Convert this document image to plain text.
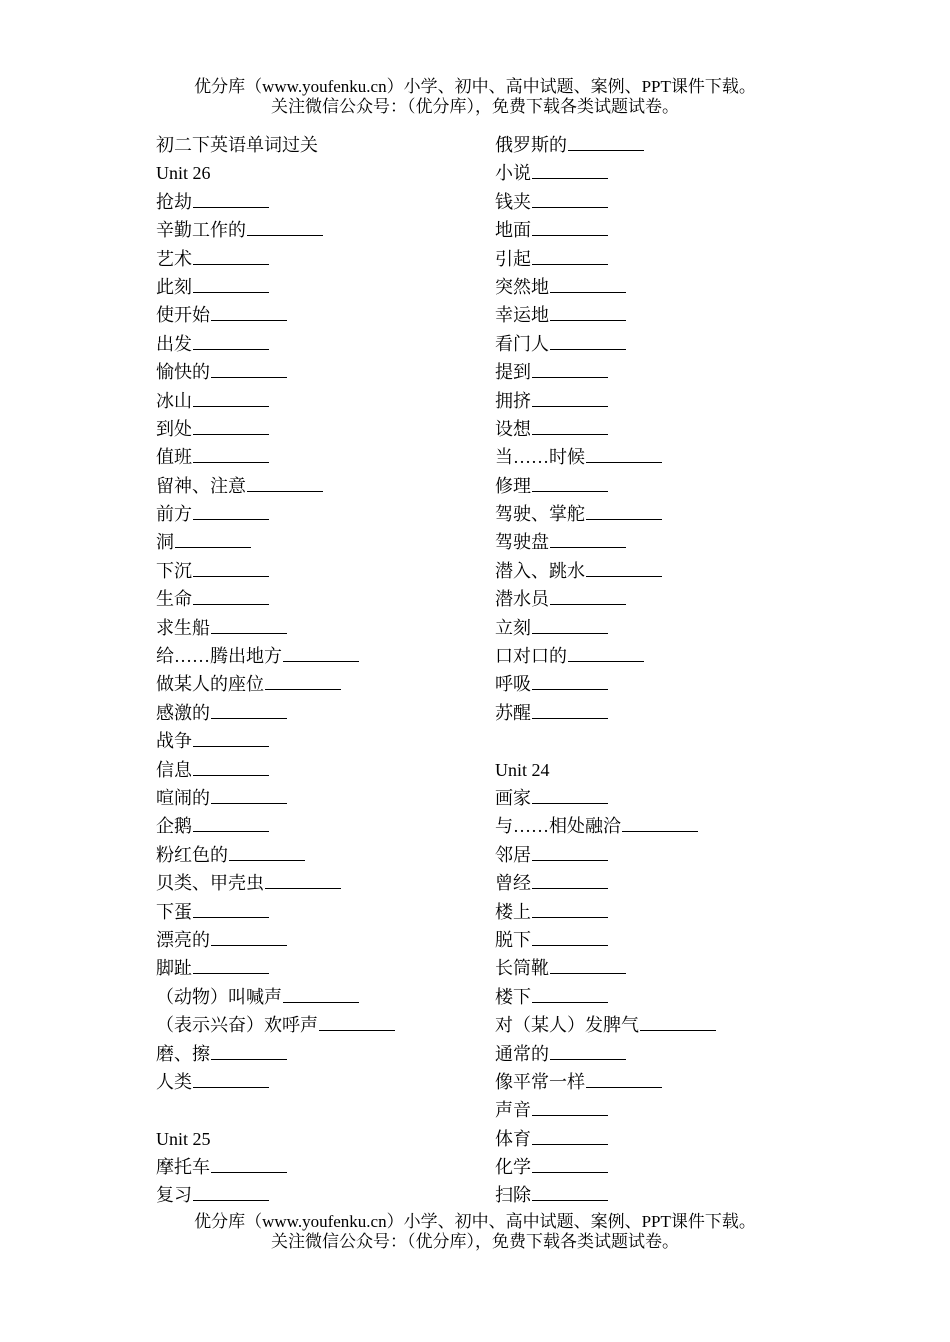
优分库（www.youfenku.cn）小学、初中、高中试题、案例、PPT课件下载。
关注微信公众号：（优分库），免费下载各类试题试卷。
初二下英语单词过关
Unit 26
抢劫
辛勤工作的
艺术
此刻
使开始
出发
愉快的
冰山
到处
值班
留神、注意
前方
洞
下沉
生命
求生船
给……腾出地方
做某人的座位
感激的
战争
信息
喧闹的
企鹅
粉红色的
贝类、甲壳虫
下蛋
漂亮的
脚趾
（动物）叫喊声
（表示兴奋）欢呼声
磨、擦
人类
Unit 25
摩托车
复习
俄罗斯的
小说
钱夹
地面
引起
突然地
幸运地
看门人
提到
拥挤
设想
当……时候
修理
驾驶、掌舵
驾驶盘
潜入、跳水
潜水员
立刻
口对口的
呼吸
苏醒
Unit 24
画家
与……相处融洽
邻居
曾经
楼上
脱下
长筒靴
楼下
对（某人）发脾气
通常的
像平常一样
声音
体育
化学
扫除
优分库（www.youfenku.cn）小学、初中、高中试题、案例、PPT课件下载。
关注微信公众号：（优分库），免费下载各类试题试卷。
